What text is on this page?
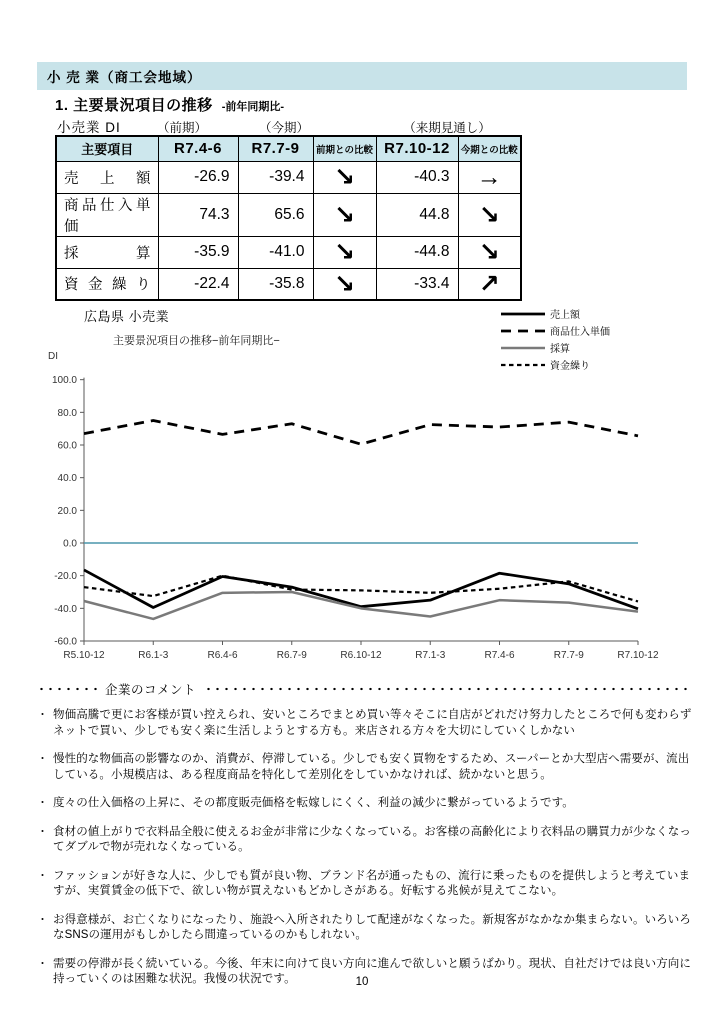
小 売 業（商工会地域）
1. 主要景況項目の推移 -前年同期比-
小売業 DI	（前期）	（今期）	（来期見通し）
主要項目	R7.4-6	R7.7-9	前期との比較	R7.10-12	今期との比較
売上額	-26.9	-39.4	↘	-40.3	→
商品仕入単価	74.3	65.6	↘	44.8	↘
採算	-35.9	-41.0	↘	-44.8	↘
資金繰り	-22.4	-35.8	↘	-33.4	↗
広島県 小売業
主要景況項目の推移−前年同期比−
売上額
商品仕入単価
採算
資金繰り
DI
100.0
80.0
60.0
40.0
20.0
0.0
-20.0
-40.0
-60.0
R5.10-12	R6.1-3	R6.4-6	R6.7-9	R6.10-12	R7.1-3	R7.4-6	R7.7-9	R7.10-12
企業のコメント
・ 物価高騰で更にお客様が買い控えられ、安いところでまとめ買い等々そこに自店がどれだけ努力したところで何も変わらずネットで買い、少しでも安く楽に生活しようとする方も。来店される方々を大切にしていくしかない
・ 慢性的な物価高の影響なのか、消費が、停滞している。少しでも安く買物をするため、スーパーとか大型店へ需要が、流出している。小規模店は、ある程度商品を特化して差別化をしていかなければ、続かないと思う。
・ 度々の仕入価格の上昇に、その都度販売価格を転嫁しにくく、利益の減少に繋がっているようです。
・ 食材の値上がりで衣料品全般に使えるお金が非常に少なくなっている。お客様の高齢化により衣料品の購買力が少なくなってダブルで物が売れなくなっている。
・ ファッションが好きな人に、少しでも質が良い物、ブランド名が通ったもの、流行に乗ったものを提供しようと考えていますが、実質賃金の低下で、欲しい物が買えないもどかしさがある。好転する兆候が見えてこない。
・ お得意様が、お亡くなりになったり、施設へ入所されたりして配達がなくなった。新規客がなかなか集まらない。いろいろなSNSの運用がもしかしたら間違っているのかもしれない。
・ 需要の停滞が長く続いている。今後、年末に向けて良い方向に進んで欲しいと願うばかり。現状、自社だけでは良い方向に持っていくのは困難な状況。我慢の状況です。	10
